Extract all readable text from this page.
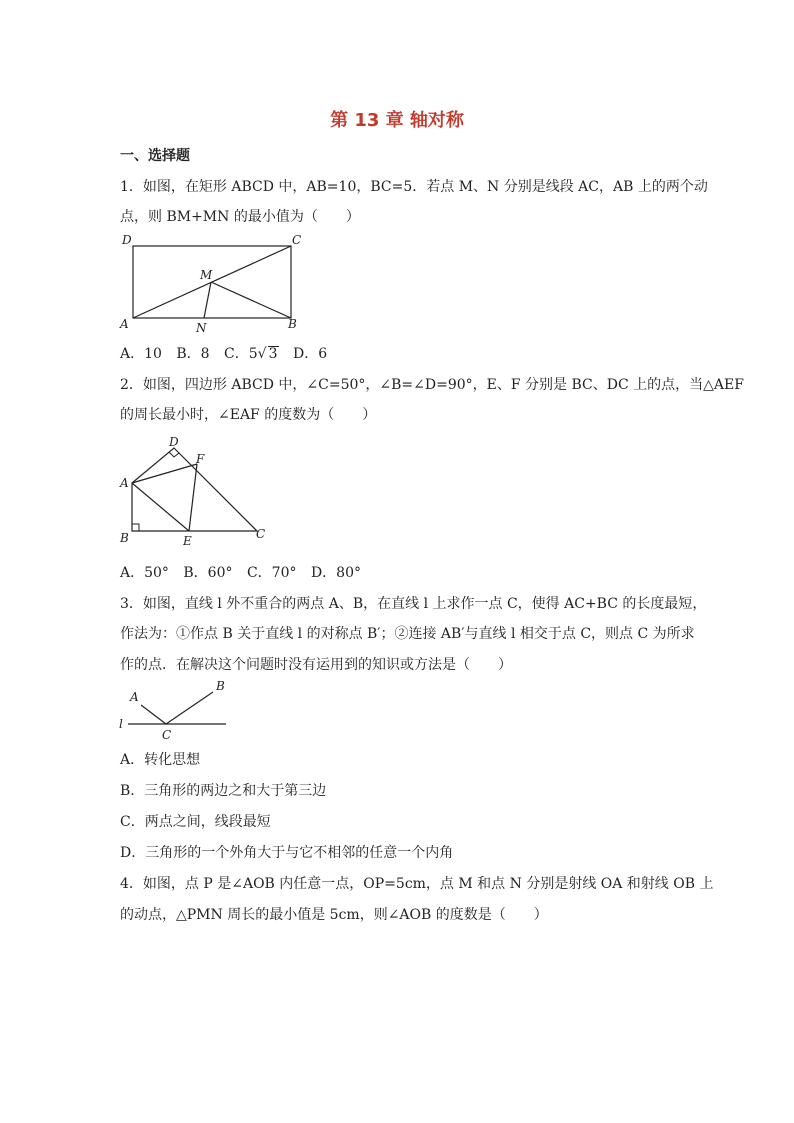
第 13 章 轴对称
一、选择题
1．如图，在矩形 ABCD 中，AB=10，BC=5．若点 M、N 分别是线段 AC，AB 上的两个动
点，则 BM+MN 的最小值为（　　）
D	C
M
A	N	B
A．10 B．8 C．5√ 3 D．6
2．如图，四边形 ABCD 中，∠C=50°，∠B=∠D=90°，E、F 分别是 BC、DC 上的点，当△AEF
的周长最小时，∠EAF 的度数为（　　）
D
F
A
B	E	C
A．50° B．60° C．70° D．80°
3．如图，直线 l 外不重合的两点 A、B，在直线 l 上求作一点 C，使得 AC+BC 的长度最短，
作法为：①作点 B 关于直线 l 的对称点 B′；②连接 AB′与直线 l 相交于点 C，则点 C 为所求
作的点．在解决这个问题时没有运用到的知识或方法是（　　）
A
B
l
C
A．转化思想
B．三角形的两边之和大于第三边
C．两点之间，线段最短
D．三角形的一个外角大于与它不相邻的任意一个内角
4．如图，点 P 是∠AOB 内任意一点，OP=5cm，点 M 和点 N 分别是射线 OA 和射线 OB 上
的动点，△PMN 周长的最小值是 5cm，则∠AOB 的度数是（　　）
